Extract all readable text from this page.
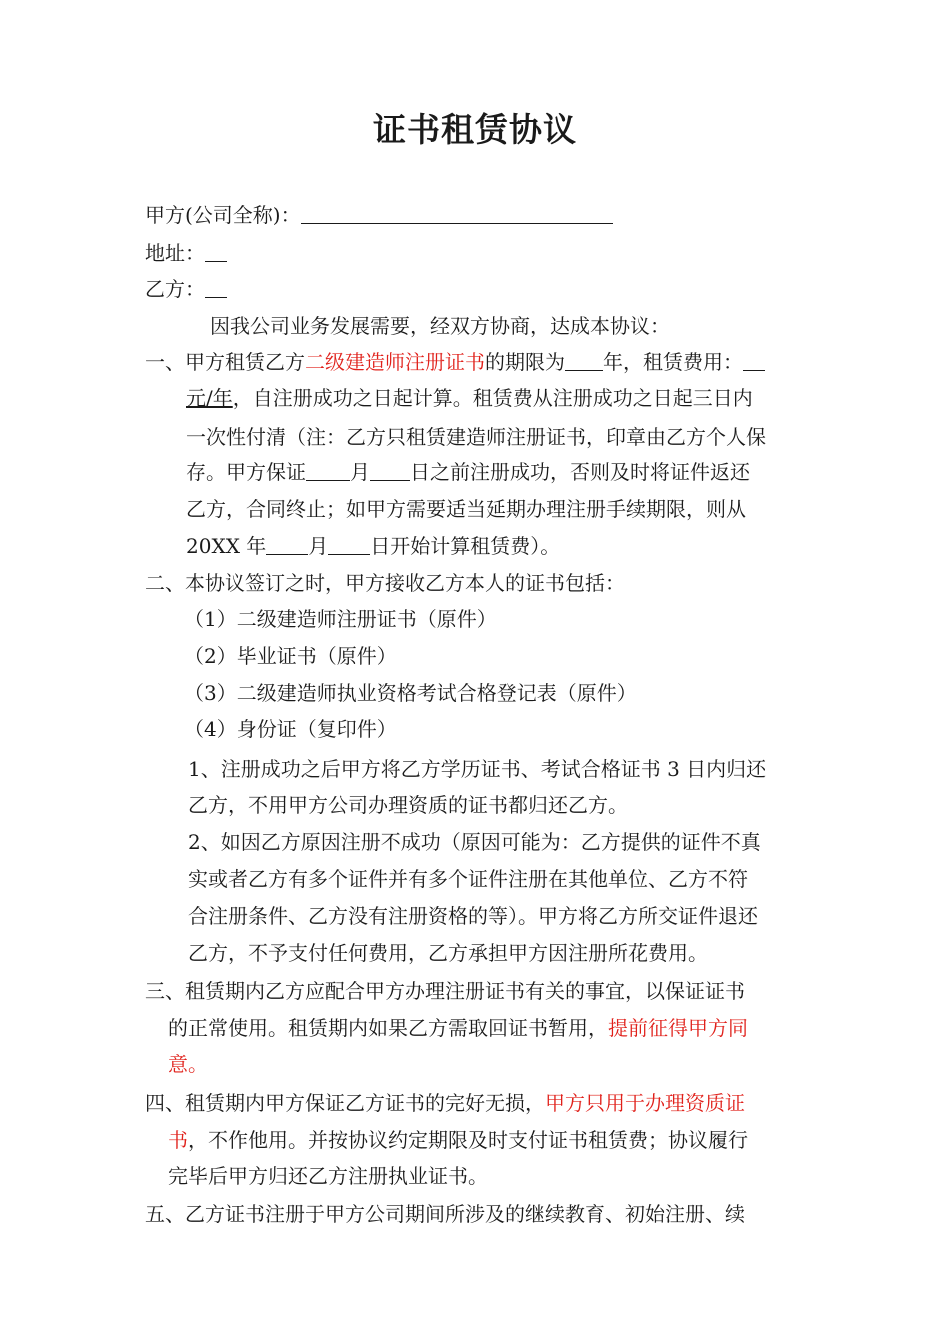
证书租赁协议
甲方(公司全称)：
地址：
乙方：
因我公司业务发展需要，经双方协商，达成本协议：
一、甲方租赁乙方二级建造师注册证书的期限为 年，租赁费用：
元/年，自注册成功之日起计算。租赁费从注册成功之日起三日内
一次性付清（注：乙方只租赁建造师注册证书，印章由乙方个人保
存。甲方保证 月 日之前注册成功，否则及时将证件返还
乙方，合同终止；如甲方需要适当延期办理注册手续期限，则从
20XX 年 月 日开始计算租赁费）。
二、本协议签订之时，甲方接收乙方本人的证书包括：
（1）二级建造师注册证书（原件）
（2）毕业证书（原件）
（3）二级建造师执业资格考试合格登记表（原件）
（4）身份证（复印件）
1、注册成功之后甲方将乙方学历证书、考试合格证书 3 日内归还
乙方，不用甲方公司办理资质的证书都归还乙方。
2、如因乙方原因注册不成功（原因可能为：乙方提供的证件不真
实或者乙方有多个证件并有多个证件注册在其他单位、乙方不符
合注册条件、乙方没有注册资格的等）。甲方将乙方所交证件退还
乙方，不予支付任何费用，乙方承担甲方因注册所花费用。
三、租赁期内乙方应配合甲方办理注册证书有关的事宜，以保证证书
的正常使用。租赁期内如果乙方需取回证书暂用，提前征得甲方同
意。
四、租赁期内甲方保证乙方证书的完好无损，甲方只用于办理资质证
书，不作他用。并按协议约定期限及时支付证书租赁费；协议履行
完毕后甲方归还乙方注册执业证书。
五、乙方证书注册于甲方公司期间所涉及的继续教育、初始注册、续
